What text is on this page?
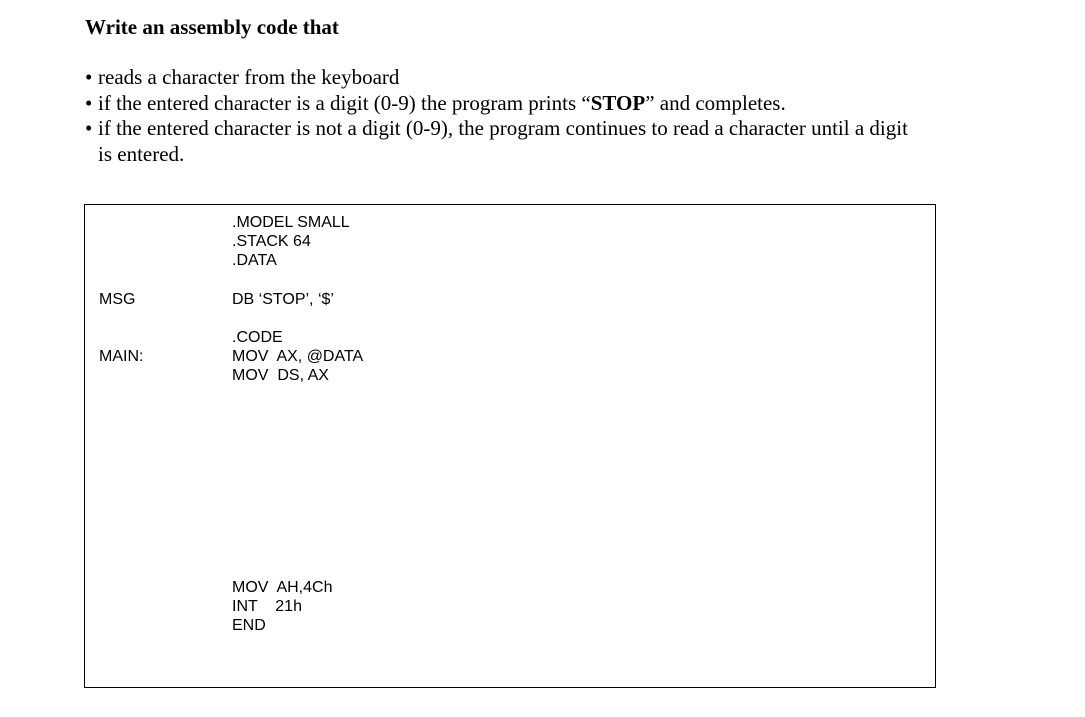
Write an assembly code that
• reads a character from the keyboard
• if the entered character is a digit (0-9) the program prints “STOP” and completes.
• if the entered character is not a digit (0-9), the program continues to read a character until a digit
is entered.
.MODEL SMALL
.STACK 64
.DATA
MSG	DB ‘STOP’, ‘$’
.CODE
MAIN:	MOV  AX, @DATA
MOV  DS, AX
MOV  AH,4Ch
INT    21h
END
